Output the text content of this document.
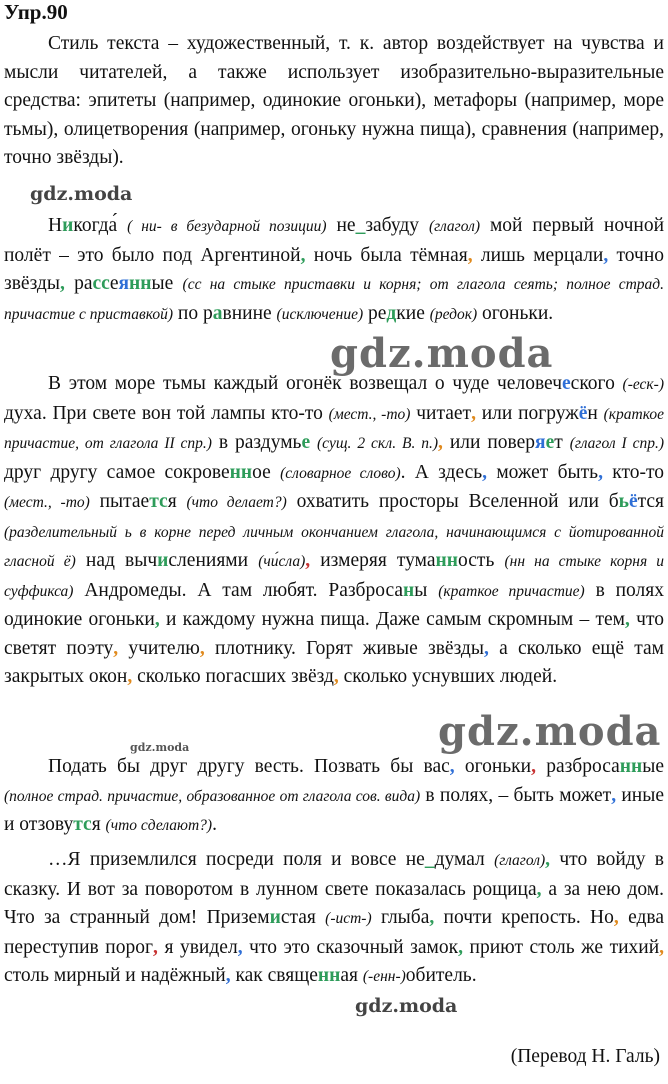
Упр.90

Стиль текста – художественный, т. к. автор воздействует на чувства и мысли читателей, а также использует изобразительно-выразительные средства: эпитеты (например, одинокие огоньки), метафоры (например, море тьмы), олицетворения (например, огоньку нужна пища), сравнения (например, точно звёзды).

gdz.moda

Никогда́ ( ни- в безударной позиции) не_забуду (глагол) мой первый ночной полёт – это было под Аргентиной, ночь была тёмная, лишь мерцали, точно звёзды, рассеянные (сс на стыке приставки и корня; от глагола сеять; полное страд. причастие с приставкой) по равнине (исключение) редкие (редок) огоньки.

gdz.moda

В этом море тьмы каждый огонёк возвещал о чуде человеческого (-еск-) духа. При свете вон той лампы кто-то (мест., -то) читает, или погружён (краткое причастие, от глагола II спр.) в раздумье (сущ. 2 скл. В. п.), или поверяет (глагол I спр.) друг другу самое сокровенное (словарное слово). А здесь, может быть, кто-то (мест., -то) пытается (что делает?) охватить просторы Вселенной или бьётся (разделительный ь в корне перед личным окончанием глагола, начинающимся с йотированной гласной ё) над вычислениями (чи́сла), измеряя туманность (нн на стыке корня и суффикса) Андромеды. А там любят. Разбросаны (краткое причастие) в полях одинокие огоньки, и каждому нужна пища. Даже самым скромным – тем, что светят поэту, учителю, плотнику. Горят живые звёзды, а сколько ещё там закрытых окон, сколько погасших звёзд, сколько уснувших людей.

gdz.moda
gdz.moda

Подать бы друг другу весть. Позвать бы вас, огоньки, разбросанные (полное страд. причастие, образованное от глагола сов. вида) в полях, – быть может, иные и отзовутся (что сделают?).

…Я приземлился посреди поля и вовсе не_думал (глагол), что войду в сказку. И вот за поворотом в лунном свете показалась рощица, а за нею дом. Что за странный дом! Приземистая (-ист-) глыба, почти крепость. Но, едва переступив порог, я увидел, что это сказочный замок, приют столь же тихий, столь мирный и надёжный, как священная (-енн-)обитель.

gdz.moda
(Перевод Н. Галь)
